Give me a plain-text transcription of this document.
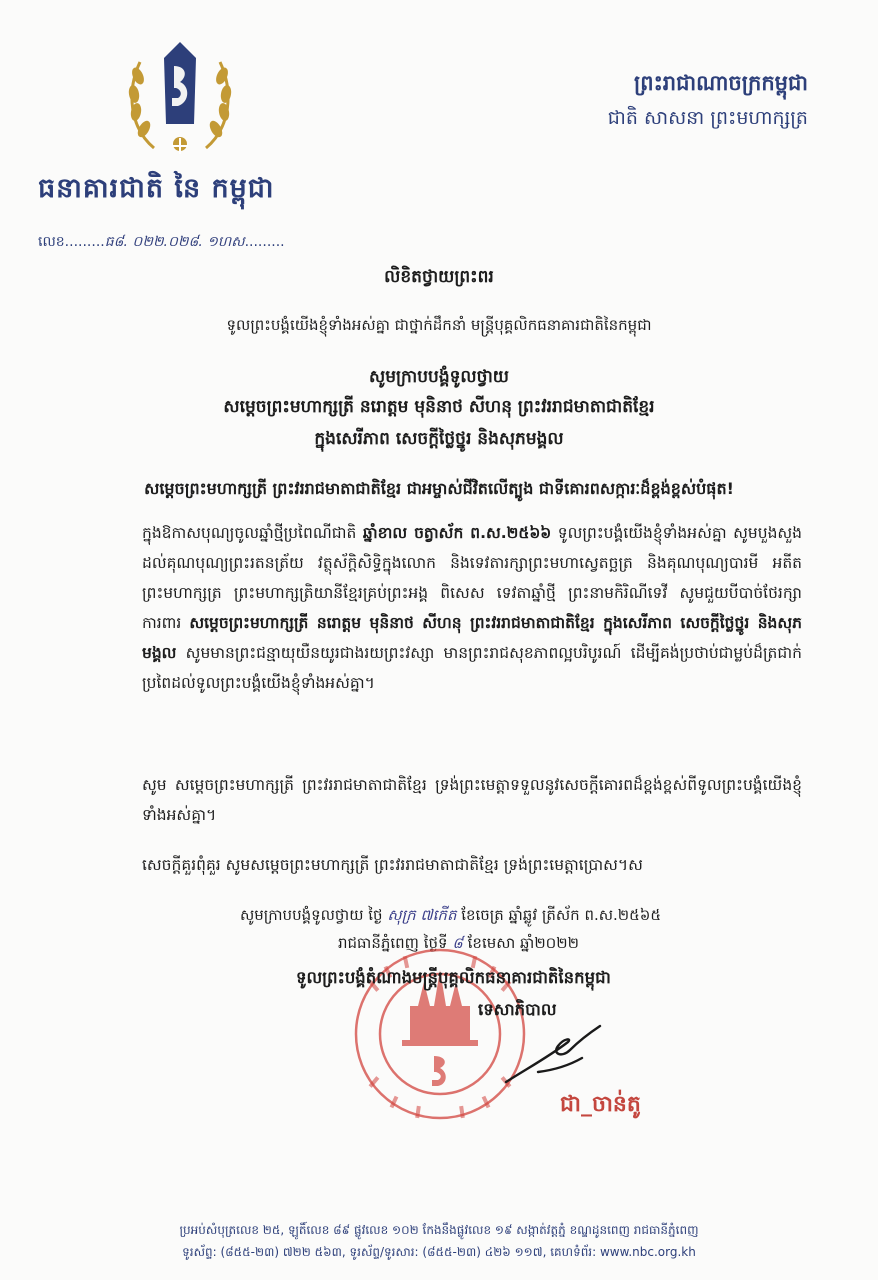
ធនាគារជាតិ នៃ កម្ពុជា
ព្រះរាជាណាចក្រកម្ពុជា
ជាតិ សាសនា ព្រះមហាក្សត្រ
លេខ.........ធ៨. ០២២.០២៨. ១ហស.........
លិខិតថ្វាយព្រះពរ
ទូលព្រះបង្គំយើងខ្ញុំទាំងអស់គ្នា ជាថ្នាក់ដឹកនាំ មន្ត្រីបុគ្គលិកធនាគារជាតិនៃកម្ពុជា
សូមក្រាបបង្គំទូលថ្វាយ
សម្ដេចព្រះមហាក្សត្រី នរោត្តម មុនិនាថ សីហនុ ព្រះវររាជមាតាជាតិខ្មែរ
ក្នុងសេរីភាព សេចក្ដីថ្លៃថ្នូរ និងសុភមង្គល
សម្ដេចព្រះមហាក្សត្រី ព្រះវររាជមាតាជាតិខ្មែរ ជាអម្ចាស់ជីវិតលើត្បូង ជាទីគោរពសក្ការៈដ៏ខ្ពង់ខ្ពស់បំផុត!
ក្នុងឱកាសបុណ្យចូលឆ្នាំថ្មីប្រពៃណីជាតិ ឆ្នាំខាល ចត្វាស័ក ព.ស.២៥៦៦ ទូលព្រះបង្គំយើងខ្ញុំទាំងអស់គ្នា សូមបួងសួងដល់គុណបុណ្យព្រះរតនត្រ័យ វត្ថុស័ក្ដិសិទ្ធិក្នុងលោក និងទេវតារក្សាព្រះមហាស្វេតច្ឆត្រ និងគុណបុណ្យបារមី អតីតព្រះមហាក្សត្រ ព្រះមហាក្សត្រិយានីខ្មែរគ្រប់ព្រះអង្គ ពិសេស ទេវតាឆ្នាំថ្មី ព្រះនាមកិរិណីទេវី សូមជួយបីបាច់ថែរក្សាការពារ សម្ដេចព្រះមហាក្សត្រី នរោត្តម មុនិនាថ សីហនុ ព្រះវររាជមាតាជាតិខ្មែរ ក្នុងសេរីភាព សេចក្ដីថ្លៃថ្នូរ និងសុភមង្គល សូមមានព្រះជន្មាយុយឺនយូរជាងរយព្រះវស្សា មានព្រះរាជសុខភាពល្អបរិបូរណ៍ ដើម្បីគង់ប្រថាប់ជាម្លប់ដ៏ត្រជាក់ប្រពៃដល់ទូលព្រះបង្គំយើងខ្ញុំទាំងអស់គ្នា។
សូម សម្ដេចព្រះមហាក្សត្រី ព្រះវររាជមាតាជាតិខ្មែរ ទ្រង់ព្រះមេត្តាទទួលនូវសេចក្ដីគោរពដ៏ខ្ពង់ខ្ពស់ពីទូលព្រះបង្គំយើងខ្ញុំទាំងអស់គ្នា។
សេចក្ដីគួរពុំគួរ សូមសម្ដេចព្រះមហាក្សត្រី ព្រះវររាជមាតាជាតិខ្មែរ ទ្រង់ព្រះមេត្តាប្រោស។ស
សូមក្រាបបង្គំទូលថ្វាយ ថ្ងៃ សុក្រ ៧កើត ខែចេត្រ ឆ្នាំឆ្លូវ ត្រីស័ក ព.ស.២៥៦៥
រាជធានីភ្នំពេញ ថ្ងៃទី ៨ ខែមេសា ឆ្នាំ២០២២
ទូលព្រះបង្គំតំណាងមន្ត្រីបុគ្គលិកធនាគារជាតិនៃកម្ពុជា
ទេសាភិបាល
ជា_ចាន់តូ
ប្រអប់សំបុត្រលេខ ២៥, ឡូតិ៍លេខ ៨៩ ផ្លូវលេខ ១០២ កែងនឹងផ្លូវលេខ ១៩ សង្កាត់វត្តភ្នំ ខណ្ឌដូនពេញ រាជធានីភ្នំពេញ
ទូរស័ព្ទ: (៨៥៥-២៣) ៧២២ ៥៦៣, ទូរស័ព្ទ/ទូរសារ: (៨៥៥-២៣) ៤២៦ ១១៧, គេហទំព័រ: www.nbc.org.kh
